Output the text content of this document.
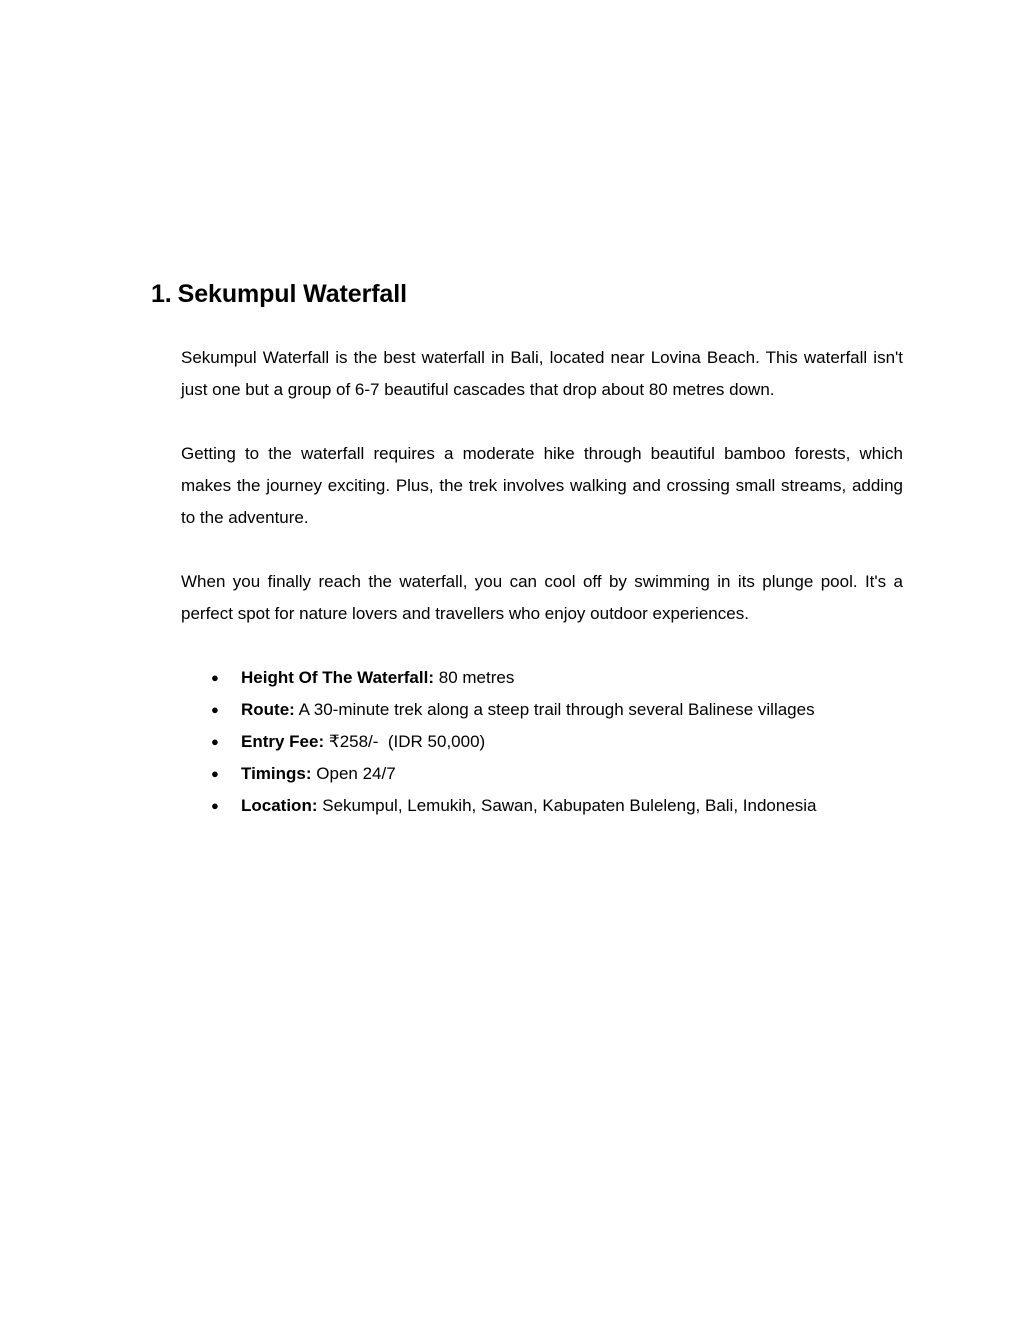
1. Sekumpul Waterfall

Sekumpul Waterfall is the best waterfall in Bali, located near Lovina Beach. This waterfall isn't just one but a group of 6-7 beautiful cascades that drop about 80 metres down.

Getting to the waterfall requires a moderate hike through beautiful bamboo forests, which makes the journey exciting. Plus, the trek involves walking and crossing small streams, adding to the adventure.

When you finally reach the waterfall, you can cool off by swimming in its plunge pool. It's a perfect spot for nature lovers and travellers who enjoy outdoor experiences.

● Height Of The Waterfall: 80 metres
● Route: A 30-minute trek along a steep trail through several Balinese villages
● Entry Fee: ₹258/-  (IDR 50,000)
● Timings: Open 24/7
● Location: Sekumpul, Lemukih, Sawan, Kabupaten Buleleng, Bali, Indonesia
